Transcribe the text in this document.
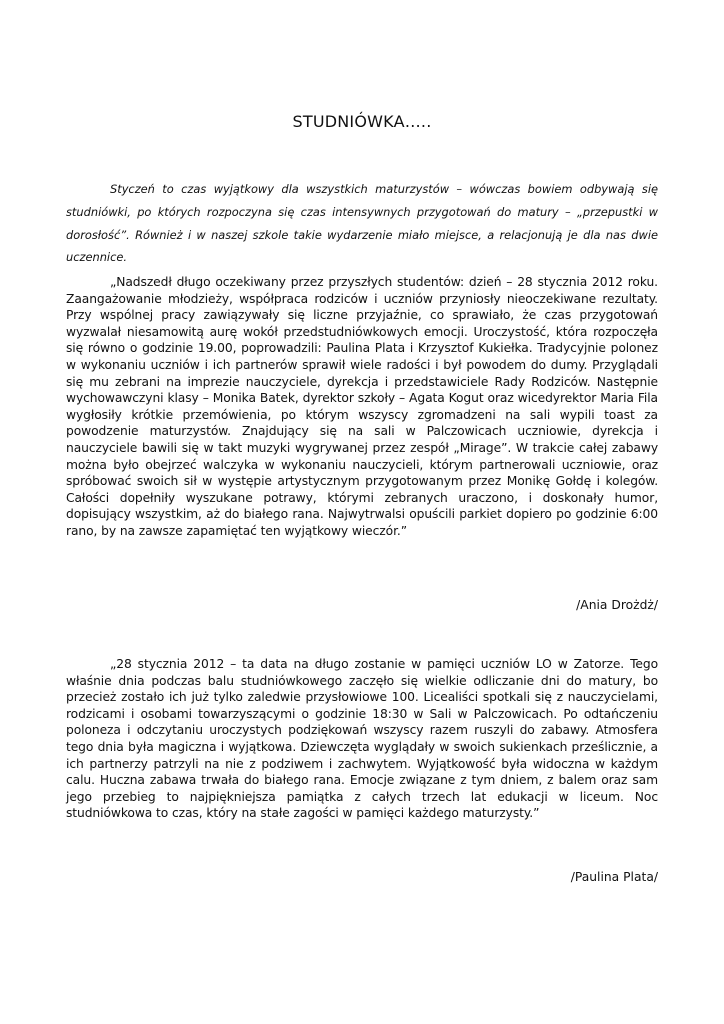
STUDNIÓWKA…..

Styczeń to czas wyjątkowy dla wszystkich maturzystów – wówczas bowiem odbywają się studniówki, po których rozpoczyna się czas intensywnych przygotowań do matury – „przepustki w dorosłość”. Również i w naszej szkole takie wydarzenie miało miejsce, a relacjonują je dla nas dwie uczennice.

„Nadszedł długo oczekiwany przez przyszłych studentów: dzień – 28 stycznia 2012 roku. Zaangażowanie młodzieży, współpraca rodziców i uczniów przyniosły nieoczekiwane rezultaty. Przy wspólnej pracy zawiązywały się liczne przyjaźnie, co sprawiało, że czas przygotowań wyzwalał niesamowitą aurę wokół przedstudniówkowych emocji. Uroczystość, która rozpoczęła się równo o godzinie 19.00, poprowadzili: Paulina Plata i Krzysztof Kukiełka. Tradycyjnie polonez w wykonaniu uczniów i ich partnerów sprawił wiele radości i był powodem do dumy. Przyglądali się mu zebrani na imprezie nauczyciele, dyrekcja i przedstawiciele Rady Rodziców. Następnie wychowawczyni klasy – Monika Batek, dyrektor szkoły – Agata Kogut oraz wicedyrektor Maria Fila wygłosiły krótkie przemówienia, po którym wszyscy zgromadzeni na sali wypili toast za powodzenie maturzystów. Znajdujący się na sali w Palczowicach uczniowie, dyrekcja i nauczyciele bawili się w takt muzyki wygrywanej przez zespół „Mirage”. W trakcie całej zabawy można było obejrzeć walczyka w wykonaniu nauczycieli, którym partnerowali uczniowie, oraz spróbować swoich sił w występie artystycznym przygotowanym przez Monikę Gołdę i kolegów. Całości dopełniły wyszukane potrawy, którymi zebranych uraczono, i doskonały humor, dopisujący wszystkim, aż do białego rana. Najwytrwalsi opuścili parkiet dopiero po godzinie 6:00 rano, by na zawsze zapamiętać ten wyjątkowy wieczór.”

/Ania Drożdż/

„28 stycznia 2012 – ta data na długo zostanie w pamięci uczniów LO w Zatorze. Tego właśnie dnia podczas balu studniówkowego zaczęło się wielkie odliczanie dni do matury, bo przecież zostało ich już tylko zaledwie przysłowiowe 100. Licealiści spotkali się z nauczycielami, rodzicami i osobami towarzyszącymi o godzinie 18:30 w Sali w Palczowicach. Po odtańczeniu poloneza i odczytaniu uroczystych podziękowań wszyscy razem ruszyli do zabawy. Atmosfera tego dnia była magiczna i wyjątkowa. Dziewczęta wyglądały w swoich sukienkach prześlicznie, a ich partnerzy patrzyli na nie z podziwem i zachwytem. Wyjątkowość była widoczna w każdym calu. Huczna zabawa trwała do białego rana. Emocje związane z tym dniem, z balem oraz sam jego przebieg to najpiękniejsza pamiątka z całych trzech lat edukacji w liceum. Noc studniówkowa to czas, który na stałe zagości w pamięci każdego maturzysty.”

/Paulina Plata/
